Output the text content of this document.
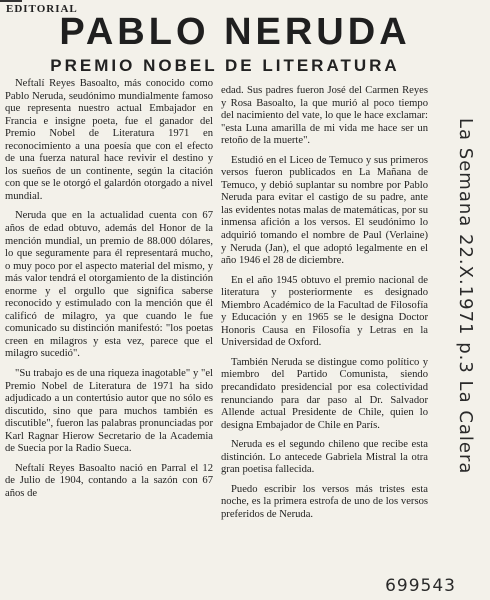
EDITORIAL
PABLO NERUDA
PREMIO NOBEL DE LITERATURA

Neftalí Reyes Basoalto, más conocido como Pablo Neruda, seudónimo mundialmente famoso que representa nuestro actual Embajador en Francia e insigne poeta, fue el ganador del Premio Nobel de Literatura 1971 en reconocimiento a una poesía que con el efecto de una fuerza natural hace revivir el destino y los sueños de un continente, según la citación con que se le otorgó el galardón otorgado a nivel mundial.

Neruda que en la actualidad cuenta con 67 años de edad obtuvo, además del Honor de la mención mundial, un premio de 88.000 dólares, lo que seguramente para él representará mucho, o muy poco por el aspecto material del mismo, y más valor tendrá el otorgamiento de la distinción enorme y el orgullo que significa saberse reconocido y estimulado con la mención que él calificó de milagro, ya que cuando le fue comunicado su distinción manifestó: "los poetas creen en milagros y esta vez, parece que el milagro sucedió".

"Su trabajo es de una riqueza inagotable" y "el Premio Nobel de Literatura de 1971 ha sido adjudicado a un contertúsio autor que no sólo es discutido, sino que para muchos también es discutible", fueron las palabras pronunciadas por Karl Ragnar Hierow Secretario de la Academia de Suecia por la Radio Sueca.

Neftalí Reyes Basoalto nació en Parral el 12 de Julio de 1904, contando a la sazón con 67 años de

edad. Sus padres fueron José del Carmen Reyes y Rosa Basoalto, la que murió al poco tiempo del nacimiento del vate, lo que le hace exclamar: "esta Luna amarilla de mi vida me hace ser un retoño de la muerte".

Estudió en el Liceo de Temuco y sus primeros versos fueron publicados en La Mañana de Temuco, y debió suplantar su nombre por Pablo Neruda para evitar el castigo de su padre, ante las evidentes notas malas de matemáticas, por su inmensa afición a los versos. El seudónimo lo adquirió tomando el nombre de Paul (Verlaine) y Neruda (Jan), el que adoptó legalmente en el año 1946 el 28 de diciembre.

En el año 1945 obtuvo el premio nacional de literatura y posteriormente es designado Miembro Académico de la Facultad de Filosofía y Educación y en 1965 se le designa Doctor Honoris Causa en Filosofía y Letras en la Universidad de Oxford.

También Neruda se distingue como político y miembro del Partido Comunista, siendo precandidato presidencial por esa colectividad renunciando para dar paso al Dr. Salvador Allende actual Presidente de Chile, quien lo designa Embajador de Chile en París.

Neruda es el segundo chileno que recibe esta distinción. Lo antecede Gabriela Mistral la otra gran poetisa fallecida.

Puedo escribir los versos más tristes esta noche, es la primera estrofa de uno de los versos preferidos de Neruda.

La Semana 22.X.1971 p.3 La Calera
699543
